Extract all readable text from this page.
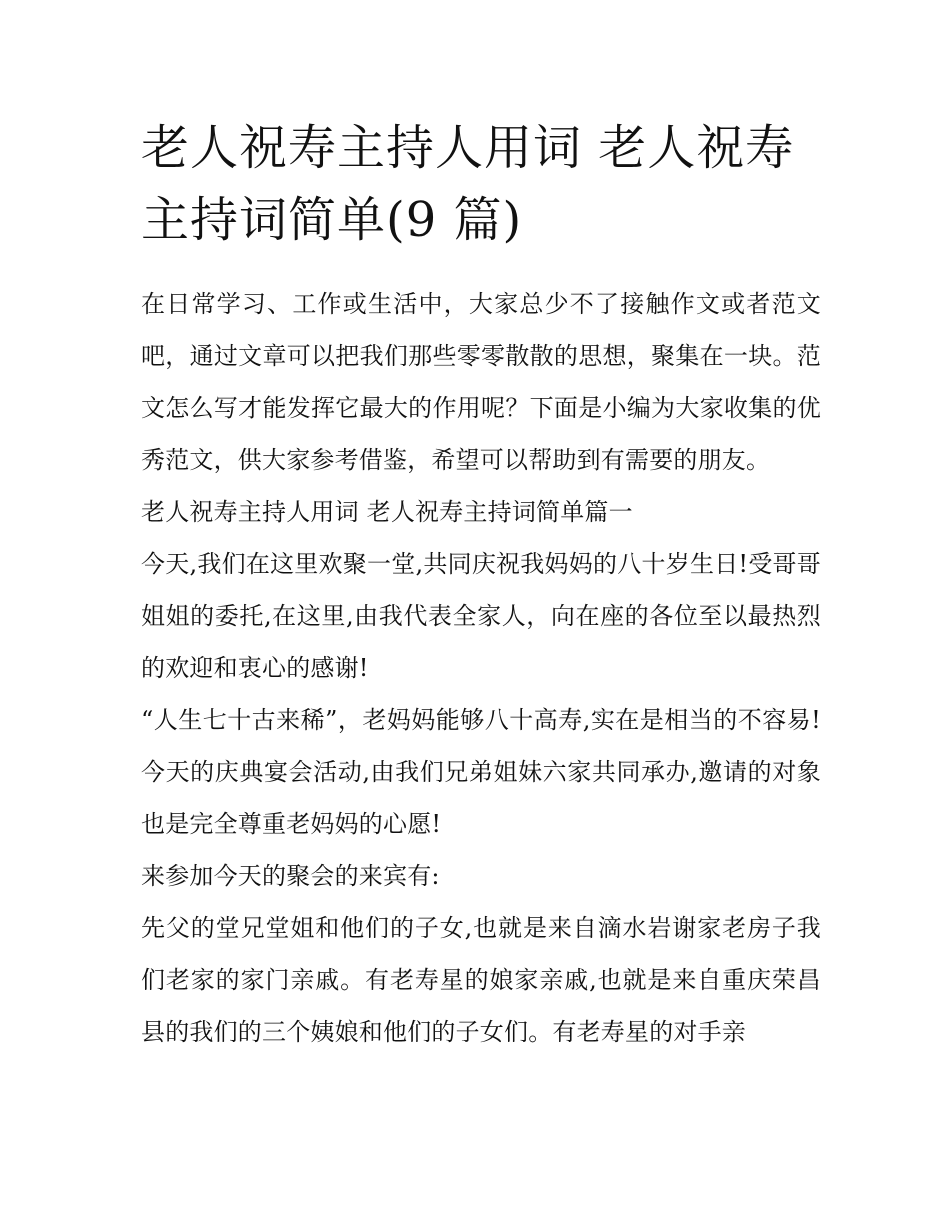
老人祝寿主持人用词 老人祝寿主持词简单(9 篇)

在日常学习、工作或生活中，大家总少不了接触作文或者范文吧，通过文章可以把我们那些零零散散的思想，聚集在一块。范文怎么写才能发挥它最大的作用呢？下面是小编为大家收集的优秀范文，供大家参考借鉴，希望可以帮助到有需要的朋友。

老人祝寿主持人用词 老人祝寿主持词简单篇一

今天,我们在这里欢聚一堂,共同庆祝我妈妈的八十岁生日!受哥哥姐姐的委托,在这里,由我代表全家人，向在座的各位至以最热烈的欢迎和衷心的感谢!

“人生七十古来稀”，老妈妈能够八十高寿,实在是相当的不容易!今天的庆典宴会活动,由我们兄弟姐妹六家共同承办,邀请的对象也是完全尊重老妈妈的心愿!

来参加今天的聚会的来宾有:

先父的堂兄堂姐和他们的子女,也就是来自滴水岩谢家老房子我们老家的家门亲戚。有老寿星的娘家亲戚,也就是来自重庆荣昌县的我们的三个姨娘和他们的子女们。有老寿星的对手亲
